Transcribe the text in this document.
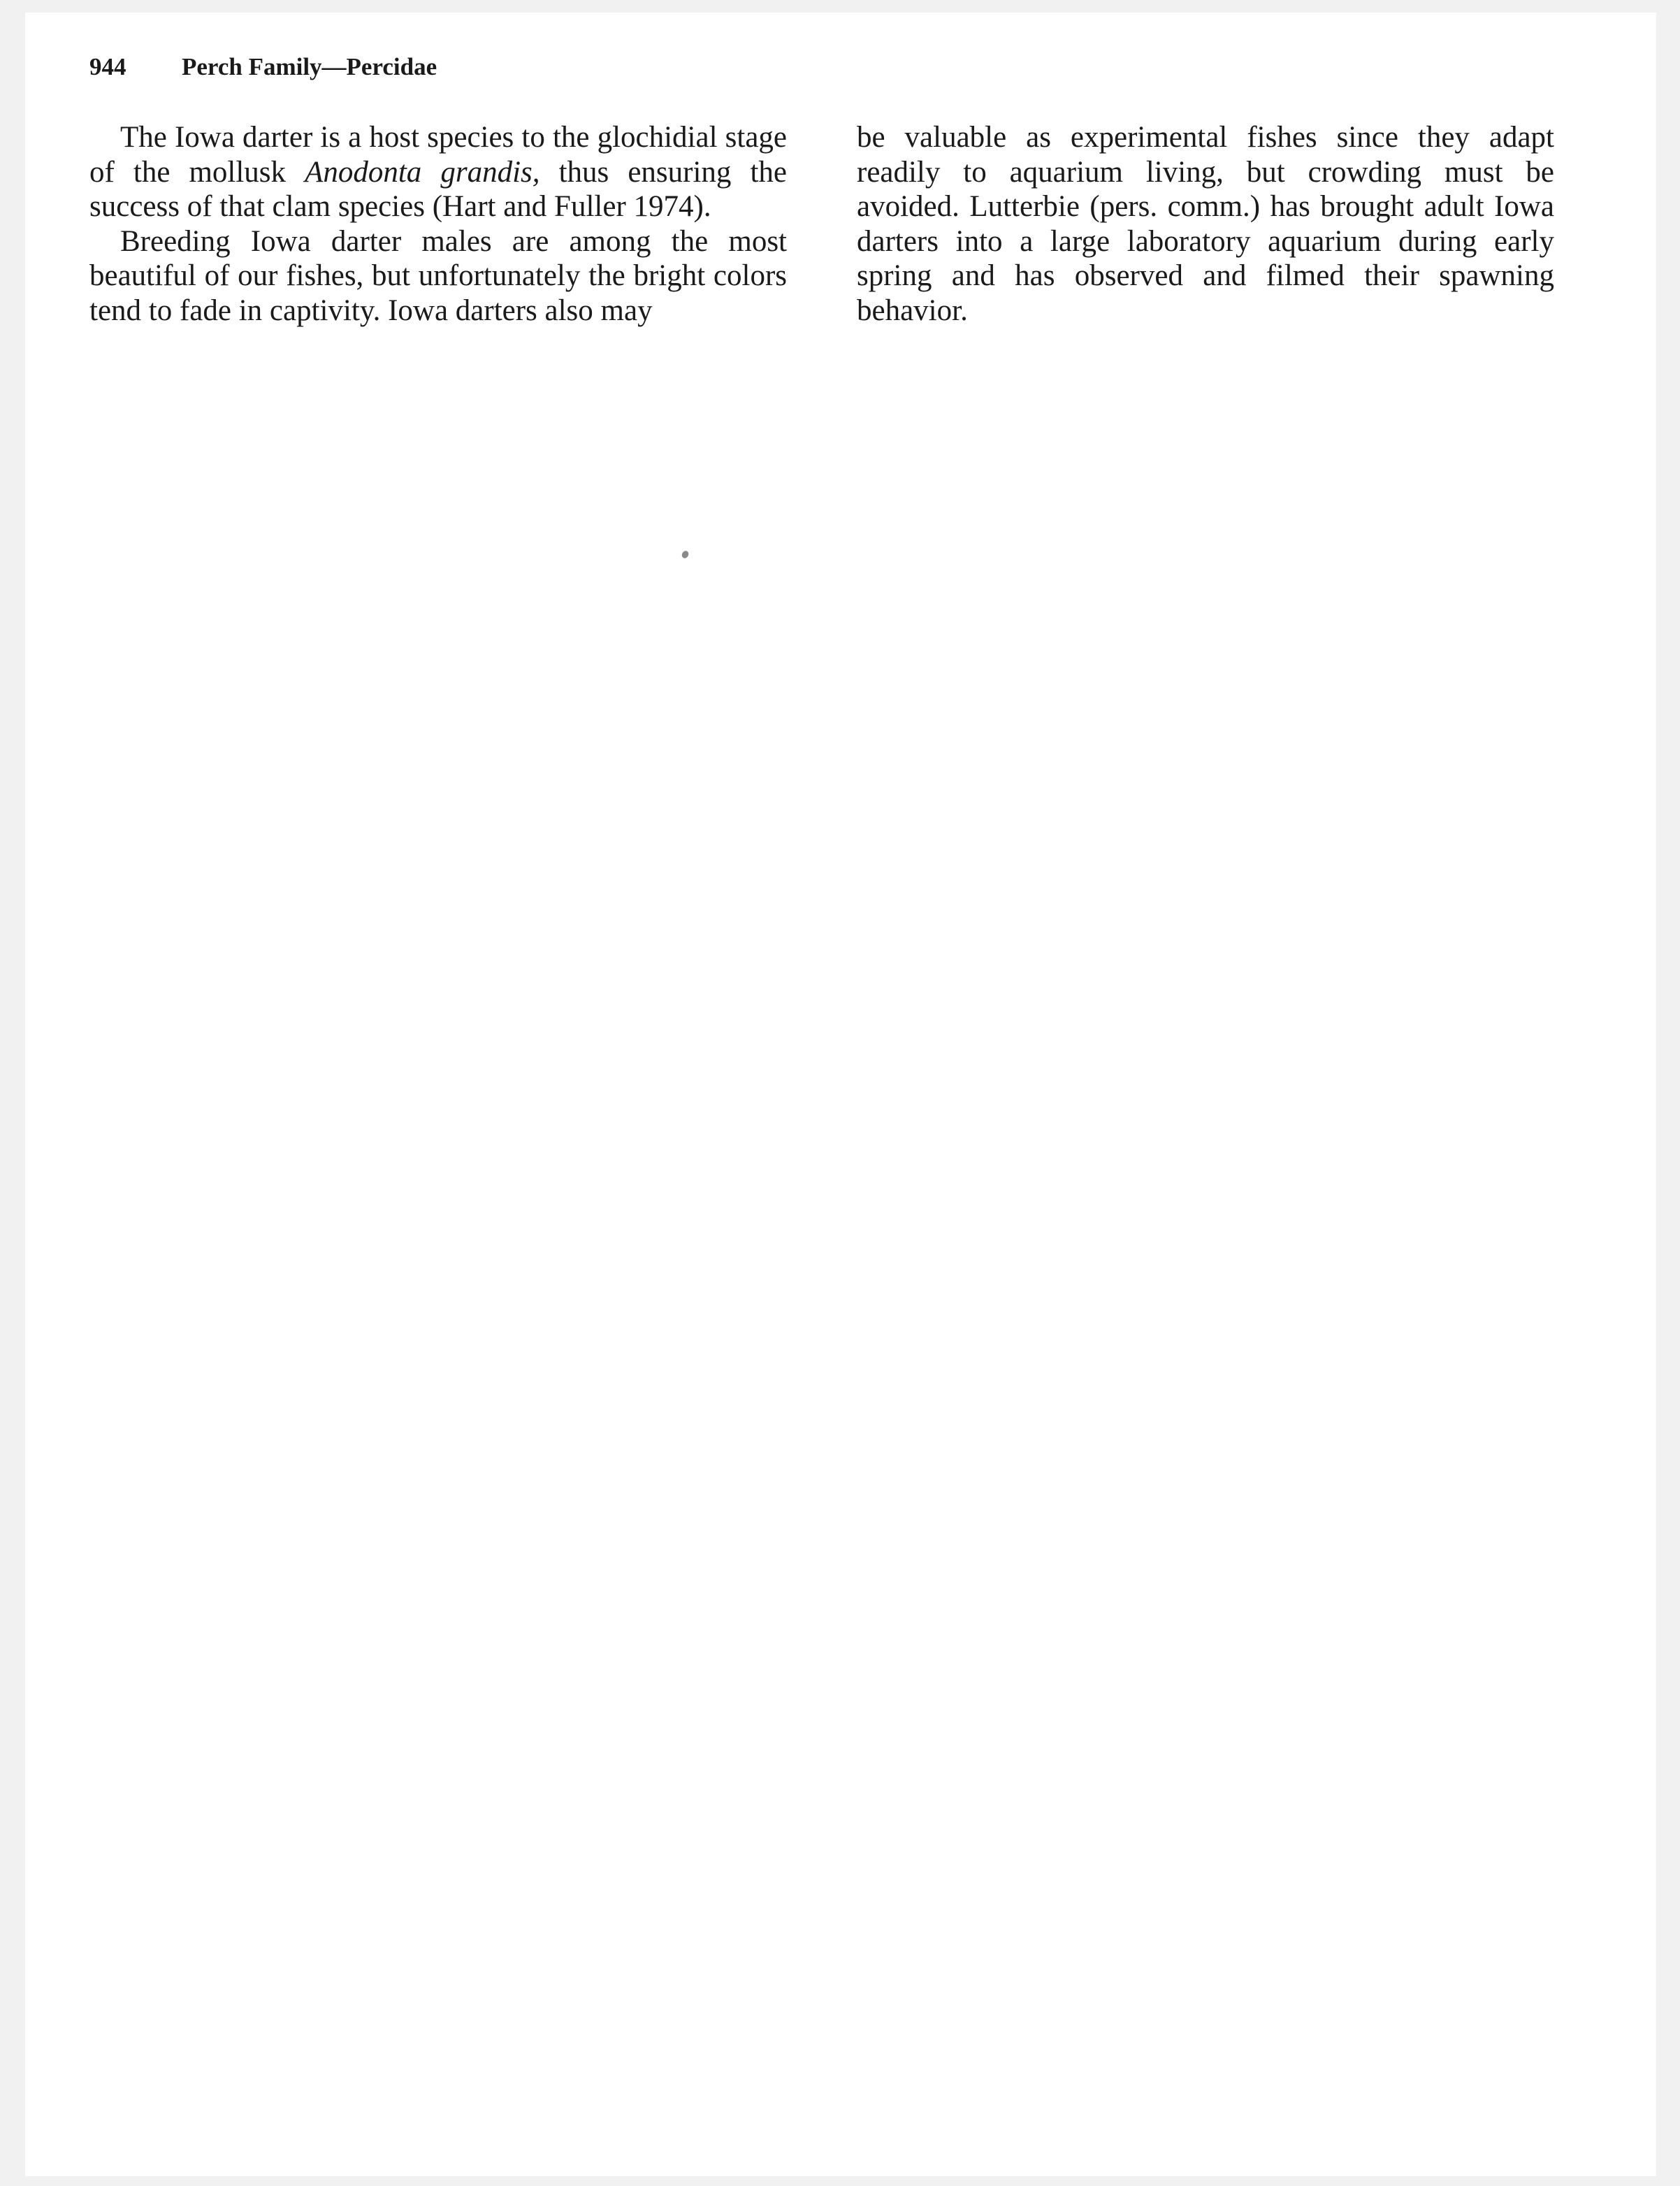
944 Perch Family—Percidae

The Iowa darter is a host species to the glochidial stage of the mollusk Anodonta grandis, thus ensuring the success of that clam species (Hart and Fuller 1974).

Breeding Iowa darter males are among the most beautiful of our fishes, but unfortunately the bright colors tend to fade in captivity. Iowa darters also may

be valuable as experimental fishes since they adapt readily to aquarium living, but crowding must be avoided. Lutterbie (pers. comm.) has brought adult Iowa darters into a large laboratory aquarium during early spring and has observed and filmed their spawning behavior.
